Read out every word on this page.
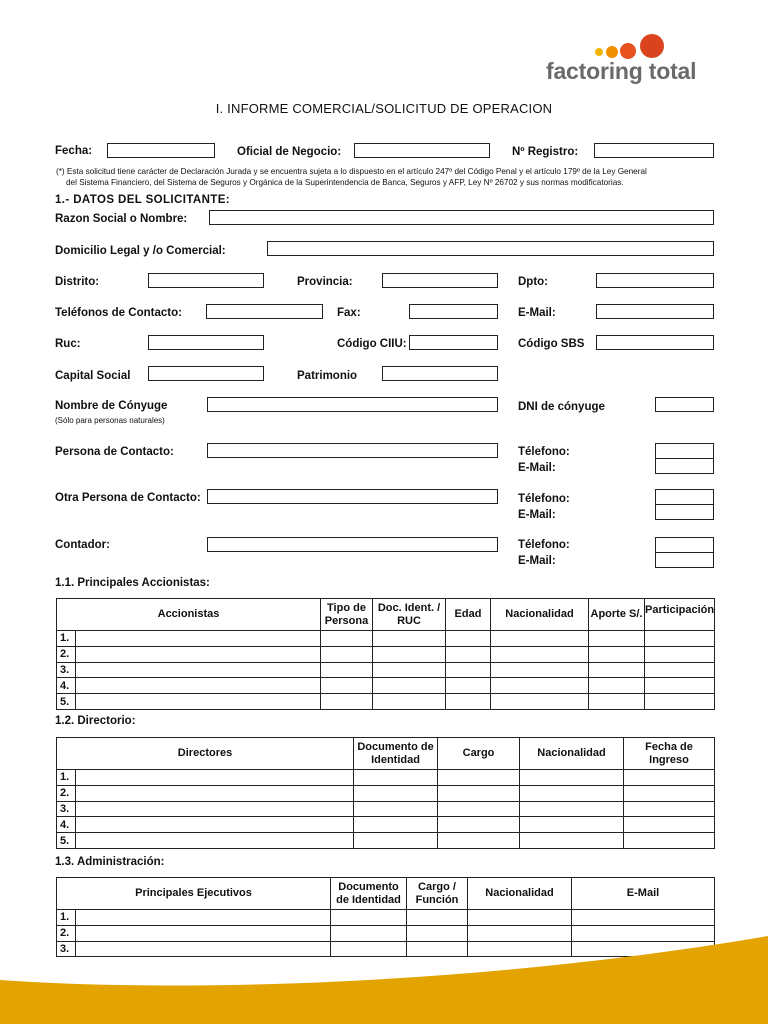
factoring total
I. INFORME COMERCIAL/SOLICITUD DE OPERACION
Fecha:	Oficial de Negocio:	Nº Registro:
(*) Esta solicitud tiene carácter de Declaración Jurada y se encuentra sujeta a lo dispuesto en el artículo 247º del Código Penal y el artículo 179º de la Ley General
del Sistema Financiero, del Sistema de Seguros y Orgánica de la Superintendencia de Banca, Seguros y AFP, Ley Nº 26702 y sus normas modificatorias.
1.- DATOS DEL SOLICITANTE:
Razon Social o Nombre:
Domicilio Legal y /o Comercial:
Distrito:	Provincia:	Dpto:
Teléfonos de Contacto:	Fax:	E-Mail:
Ruc:	Código CIIU:	Código SBS
Capital Social	Patrimonio
Nombre de Cónyuge
(Sólo para personas naturales)
DNI de cónyuge
Persona de Contacto:	Télefono:
E-Mail:
Otra Persona de Contacto:	Télefono:
E-Mail:
Contador:	Télefono:
E-Mail:
1.1. Principales Accionistas:
Accionistas		Tipo de Persona	Doc. Ident. / RUC	Edad	Nacionalidad	Aporte S/.	Participación
1.							
2.							
3.							
4.							
5.							
1.2. Directorio:
Directores		Documento de Identidad	Cargo	Nacionalidad	Fecha de Ingreso
1.					
2.					
3.					
4.					
5.					
1.3. Administración:
Principales Ejecutivos		Documento de Identidad	Cargo / Función	Nacionalidad	E-Mail
1.					
2.					
3.					
